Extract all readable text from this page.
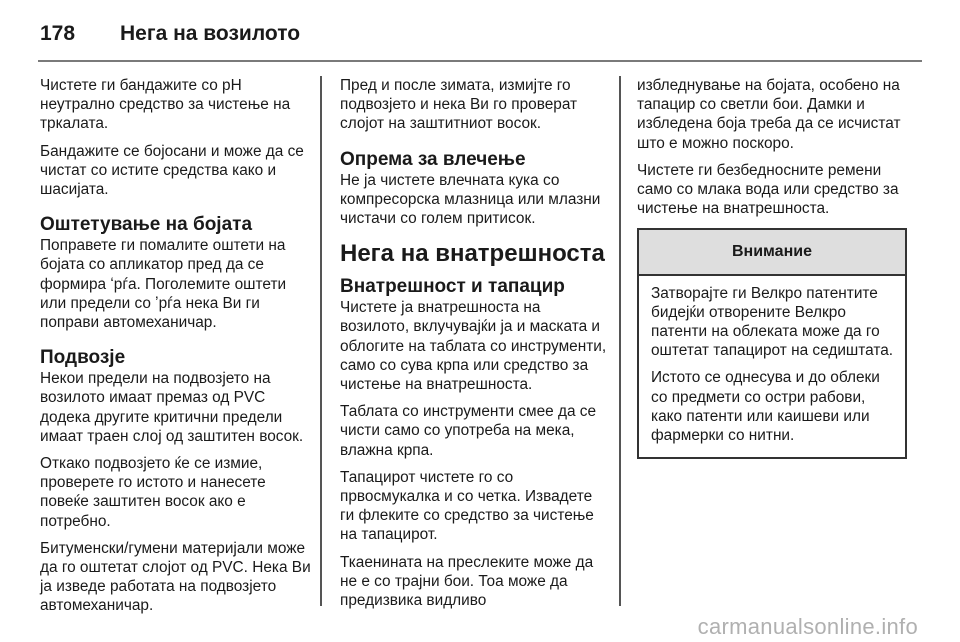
178	Нега на возилото

Чистете ги бандажите со pH неутрално средство за чистење на тркалата.

Бандажите се бојосани и може да се чистат со истите средства како и шасијата.

Оштетување на бојата

Поправете ги помалите оштети на бојата со апликатор пред да се формира ʻрѓа. Поголемите оштети или предели со ʼрѓа нека Ви ги поправи автомеханичар.

Подвозје

Некои предели на подвозјето на возилото имаат премаз од PVC додека другите критични предели имаат траен слој од заштитен восок.

Откако подвозјето ќе се измие, проверете го истото и нанесете повеќе заштитен восок ако е потребно.

Битуменски/гумени материјали може да го оштетат слојот од PVC. Нека Ви ја изведе работата на подвозјето автомеханичар.

Пред и после зимата, измијте го подвозјето и нека Ви го проверат слојот на заштитниот восок.

Опрема за влечење

Не ја чистете влечната кука со компресорска млазница или млазни чистачи со голем притисок.

Нега на внатрешноста
Внатрешност и тапацир

Чистете ја внатрешноста на возилото, вклучувајќи ја и маската и облогите на таблата со инструменти, само со сува крпа или средство за чистење на внатрешноста.

Таблата со инструменти смее да се чисти само со употреба на мека, влажна крпа.

Тапацирот чистете го со првосмукалка и со четка. Извадете ги флеките со средство за чистење на тапацирот.

Ткаенината на преслеките може да не е со трајни бои. Тоа може да предизвика видливо

избледнување на бојата, особено на тапацир со светли бои. Дамки и избледена боја треба да се исчистат што е можно поскоро.

Чистете ги безбедносните ремени само со млака вода или средство за чистење на внатрешноста.

Внимание

Затворајте ги Велкро патентите бидејќи отворените Велкро патенти на облеката може да го оштетат тапацирот на седиштата.

Истото се однесува и до облеки со предмети со остри рабови, како патенти или каишеви или фармерки со нитни.

carmanualsonline.info
